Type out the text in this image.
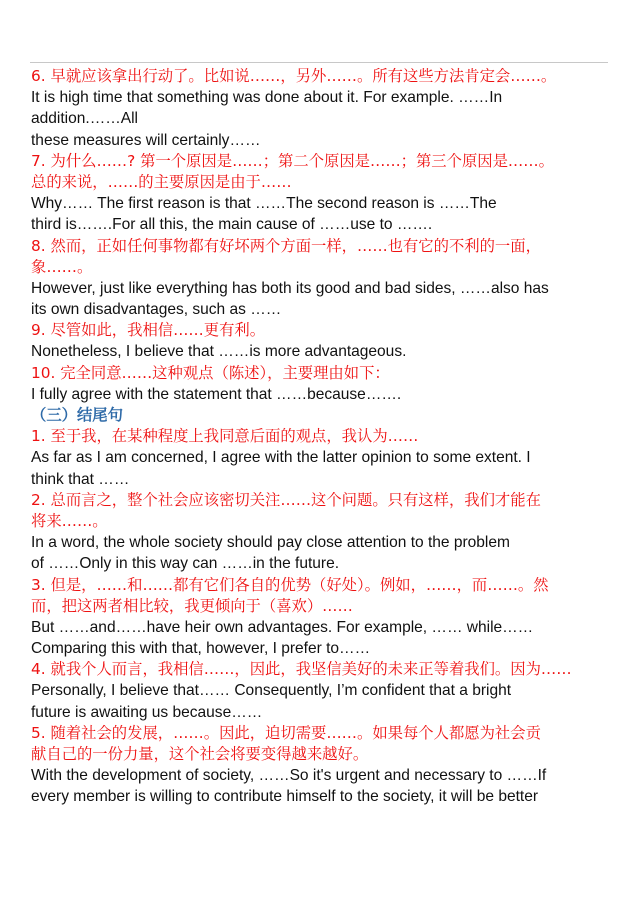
6. 早就应该拿出行动了。比如说……，另外……。所有这些方法肯定会……。
It is high time that something was done about it. For example. ……In
addition.……All
these measures will certainly……
7. 为什么……? 第一个原因是……；第二个原因是……；第三个原因是……。
总的来说，……的主要原因是由于……
Why…… The first reason is that ……The second reason is ……The
third is…….For all this, the main cause of ……use to …….
8. 然而，正如任何事物都有好坏两个方面一样，……也有它的不利的一面，
象……。
However, just like everything has both its good and bad sides, ……also has
its own disadvantages, such as ……
9. 尽管如此，我相信……更有利。
Nonetheless, I believe that ……is more advantageous.
10. 完全同意……这种观点（陈述），主要理由如下：
I fully agree with the statement that ……because…….
（三）结尾句
1. 至于我，在某种程度上我同意后面的观点，我认为……
As far as I am concerned, I agree with the latter opinion to some extent. I
think that ……
2. 总而言之，整个社会应该密切关注……这个问题。只有这样，我们才能在
将来……。
In a word, the whole society should pay close attention to the problem
of ……Only in this way can ……in the future.
3. 但是，……和……都有它们各自的优势（好处）。例如，……，而……。然
而，把这两者相比较，我更倾向于（喜欢）……
But ……and……have heir own advantages. For example, …… while……
Comparing this with that, however, I prefer to……
4. 就我个人而言，我相信……，因此，我坚信美好的未来正等着我们。因为……
Personally, I believe that…… Consequently, I’m confident that a bright
future is awaiting us because……
5. 随着社会的发展，……。因此，迫切需要……。如果每个人都愿为社会贡
献自己的一份力量，这个社会将要变得越来越好。
With the development of society, ……So it's urgent and necessary to ……If
every member is willing to contribute himself to the society, it will be better
